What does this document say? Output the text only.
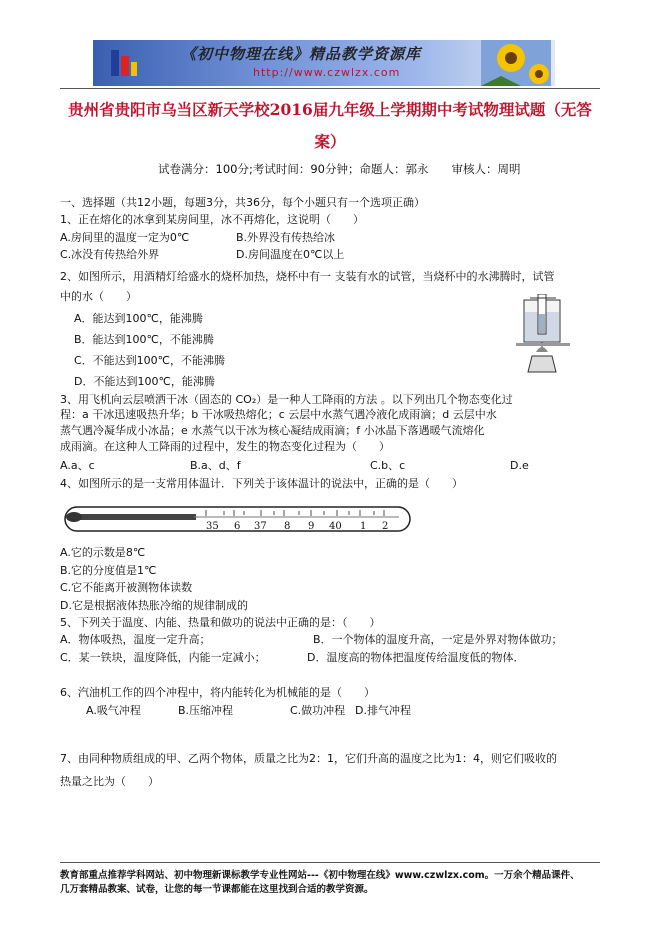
《初中物理在线》精品教学资源库
http://www.czwlzx.com
贵州省贵阳市乌当区新天学校2016届九年级上学期期中考试物理试题（无答
案）
试卷满分：100分;考试时间：90分钟；命题人：郭永　　审核人：周明
一、选择题（共12小题，每题3分，共36分，每个小题只有一个选项正确）
1、正在熔化的冰拿到某房间里，冰不再熔化，这说明（　　）
A.房间里的温度一定为0℃	B.外界没有传热给冰
C.冰没有传热给外界	D.房间温度在0℃以上
2、如图所示，用酒精灯给盛水的烧杯加热，烧杯中有一 支装有水的试管，当烧杯中的水沸腾时，试管
中的水（　　）
A．能达到100℃，能沸腾
B．能达到100℃，不能沸腾
C．不能达到100℃，不能沸腾
D．不能达到100℃，能沸腾
3、用飞机向云层喷洒干冰（固态的 CO₂）是一种人工降雨的方法 。以下列出几个物态变化过
程：a 干冰迅速吸热升华；b 干冰吸热熔化；c 云层中水蒸气遇冷液化成雨滴；d 云层中水
蒸气遇冷凝华成小冰晶；e 水蒸气以干冰为核心凝结成雨滴；f 小冰晶下落遇暖气流熔化
成雨滴。在这种人工降雨的过程中，发生的物态变化过程为（　　）
A.a、c	B.a、d、f	C.b、c	D.e
4、如图所示的是一支常用体温计．下列关于该体温计的说法中，正确的是（　　）
35 6 37 8 9 40 1 2
A.它的示数是8℃
B.它的分度值是1℃
C.它不能离开被测物体读数
D.它是根据液体热胀冷缩的规律制成的
5、下列关于温度、内能、热量和做功的说法中正确的是：（　　）
A．物体吸热，温度一定升高；	B．一个物体的温度升高，一定是外界对物体做功；
C．某一铁块，温度降低，内能一定减小；	D．温度高的物体把温度传给温度低的物体．
6、汽油机工作的四个冲程中，将内能转化为机械能的是（　　）
A.吸气冲程	B.压缩冲程	C.做功冲程 D.排气冲程
7、由同种物质组成的甲、乙两个物体，质量之比为2：1，它们升高的温度之比为1：4，则它们吸收的
热量之比为（　　）
教育部重点推荐学科网站、初中物理新课标教学专业性网站---《初中物理在线》www.czwlzx.com。一万余个精品课件、
几万套精品教案、试卷，让您的每一节课都能在这里找到合适的教学资源。
